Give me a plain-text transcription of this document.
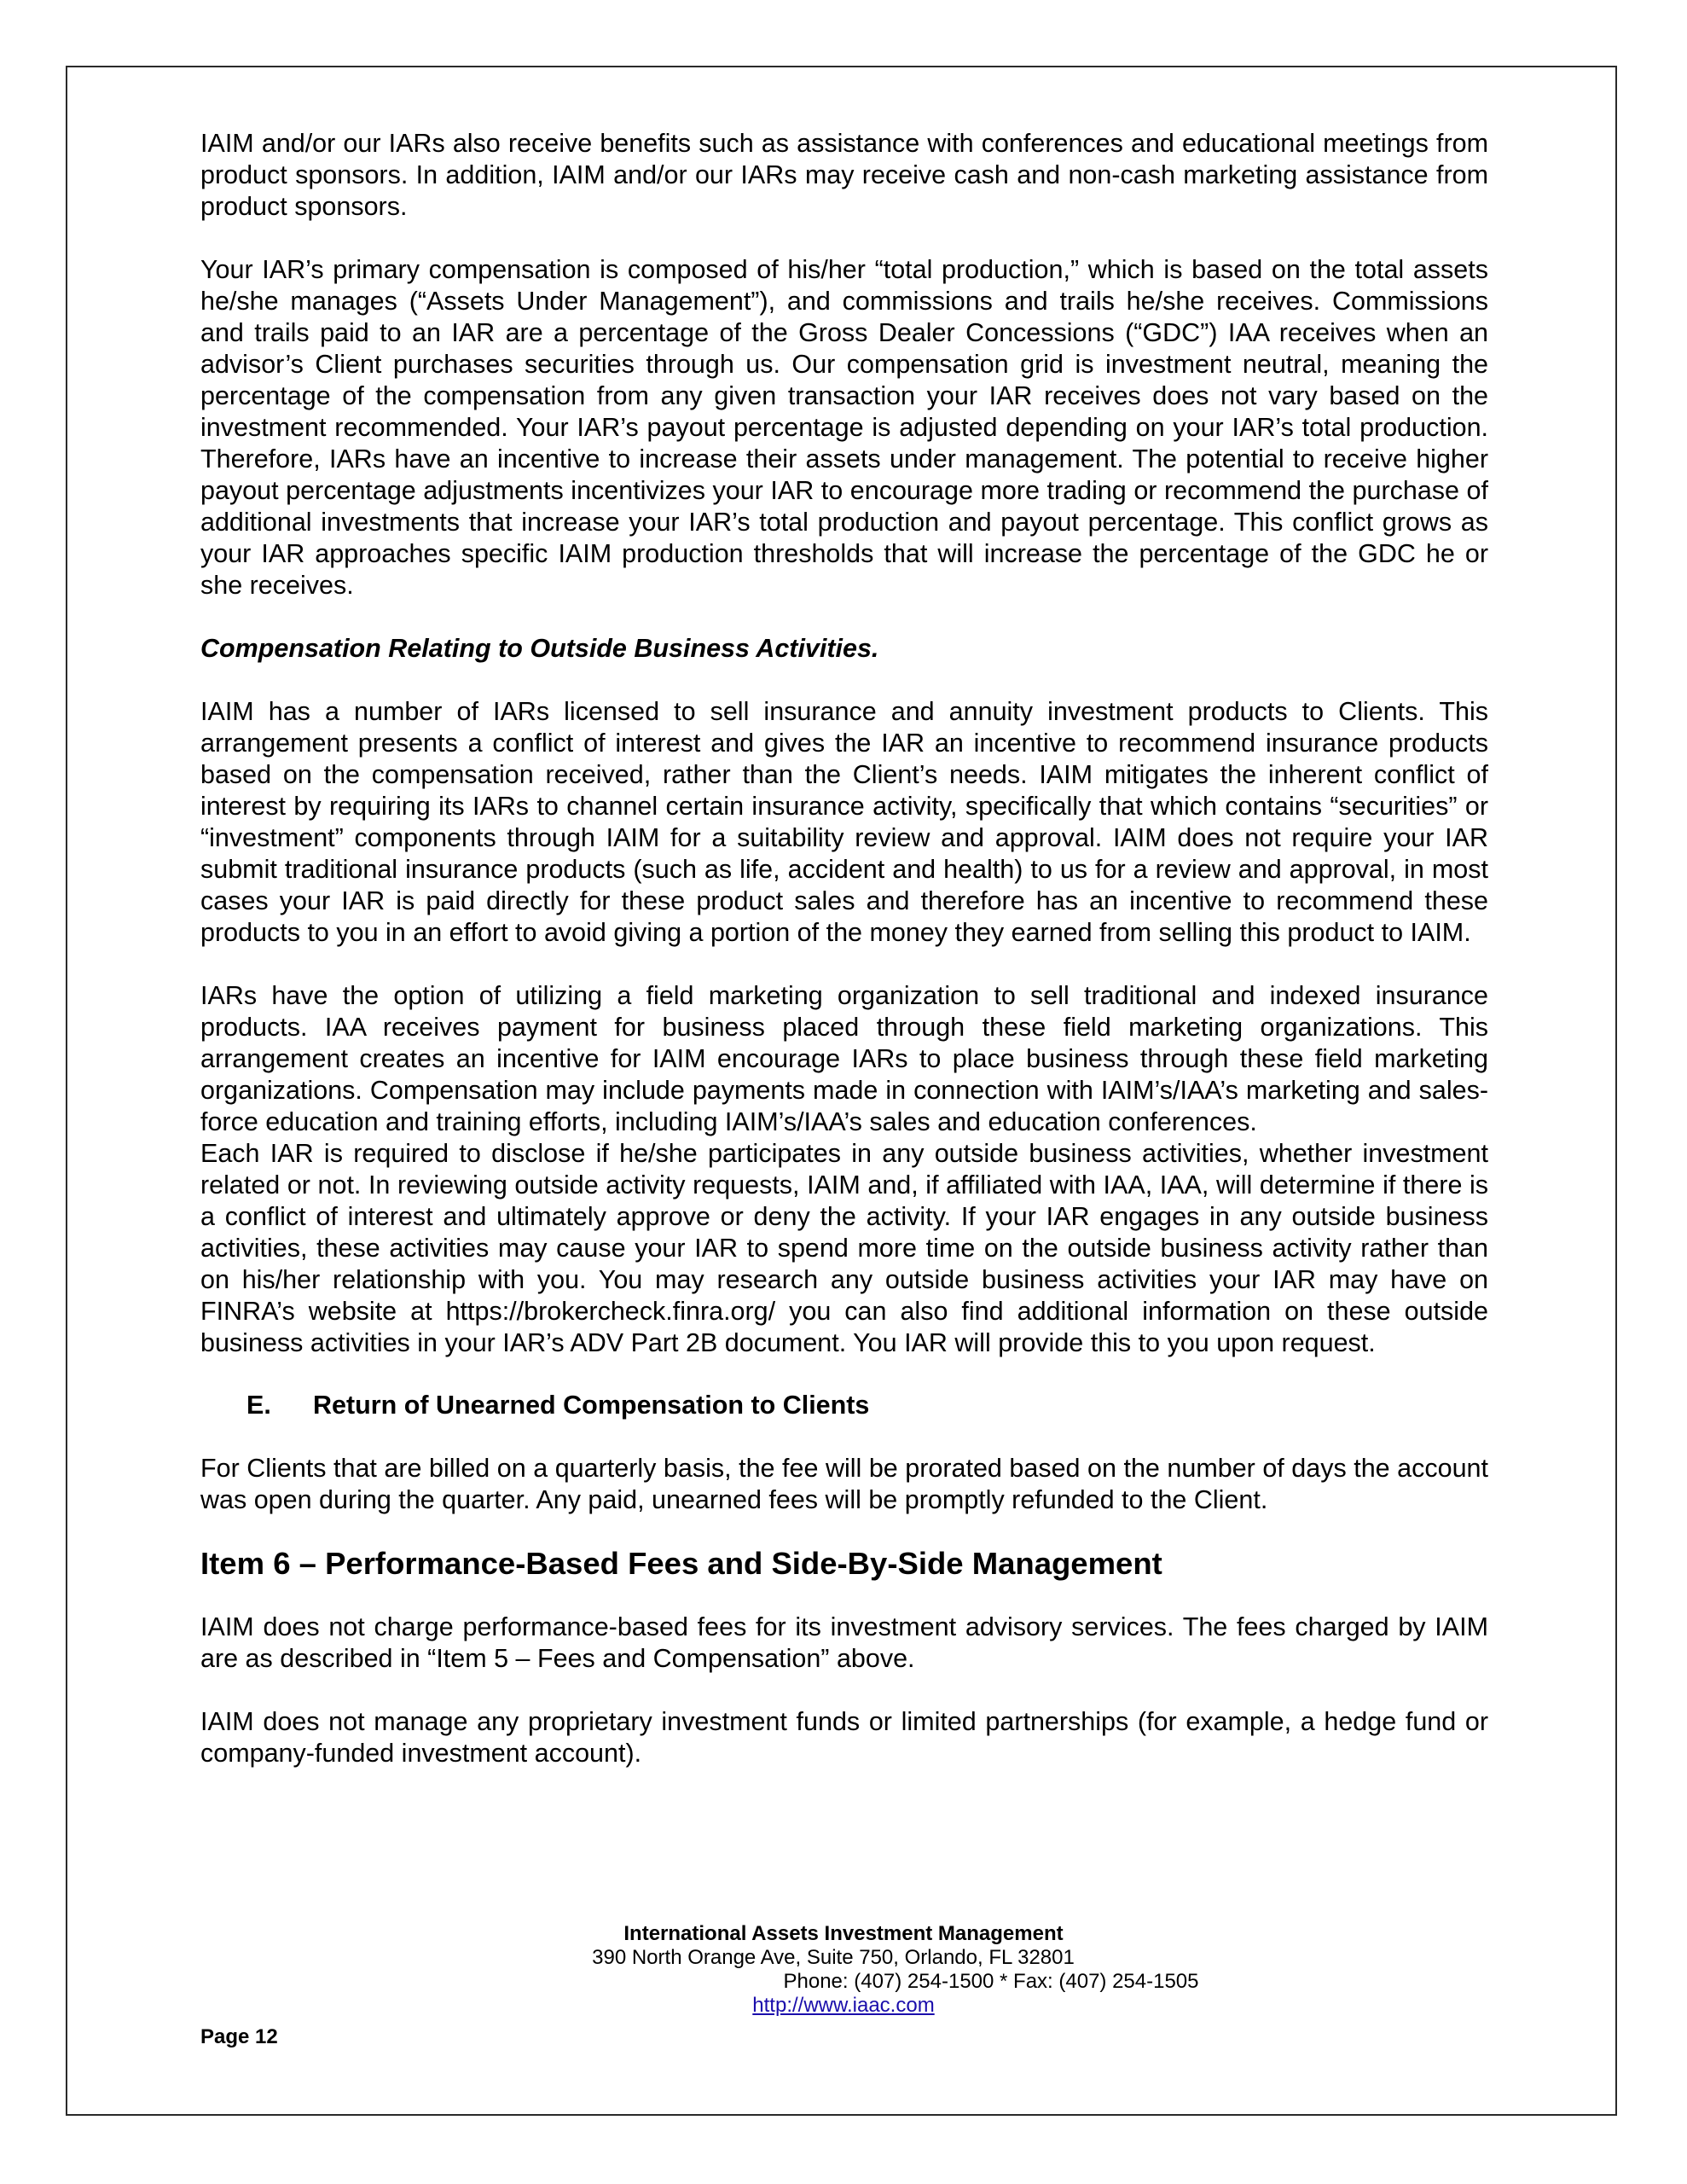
IAIM and/or our IARs also receive benefits such as assistance with conferences and educational meetings from product sponsors. In addition, IAIM and/or our IARs may receive cash and non-cash marketing assistance from product sponsors.

Your IAR’s primary compensation is composed of his/her “total production,” which is based on the total assets he/she manages (“Assets Under Management”), and commissions and trails he/she receives. Commissions and trails paid to an IAR are a percentage of the Gross Dealer Concessions (“GDC”) IAA receives when an advisor’s Client purchases securities through us. Our compensation grid is investment neutral, meaning the percentage of the compensation from any given transaction your IAR receives does not vary based on the investment recommended. Your IAR’s payout percentage is adjusted depending on your IAR’s total production. Therefore, IARs have an incentive to increase their assets under management. The potential to receive higher payout percentage adjustments incentivizes your IAR to encourage more trading or recommend the purchase of additional investments that increase your IAR’s total production and payout percentage. This conflict grows as your IAR approaches specific IAIM production thresholds that will increase the percentage of the GDC he or she receives.

Compensation Relating to Outside Business Activities.

IAIM has a number of IARs licensed to sell insurance and annuity investment products to Clients. This arrangement presents a conflict of interest and gives the IAR an incentive to recommend insurance products based on the compensation received, rather than the Client’s needs. IAIM mitigates the inherent conflict of interest by requiring its IARs to channel certain insurance activity, specifically that which contains “securities” or “investment” components through IAIM for a suitability review and approval. IAIM does not require your IAR submit traditional insurance products (such as life, accident and health) to us for a review and approval, in most cases your IAR is paid directly for these product sales and therefore has an incentive to recommend these products to you in an effort to avoid giving a portion of the money they earned from selling this product to IAIM.

IARs have the option of utilizing a field marketing organization to sell traditional and indexed insurance products. IAA receives payment for business placed through these field marketing organizations. This arrangement creates an incentive for IAIM encourage IARs to place business through these field marketing organizations. Compensation may include payments made in connection with IAIM’s/IAA’s marketing and sales-force education and training efforts, including IAIM’s/IAA’s sales and education conferences.

Each IAR is required to disclose if he/she participates in any outside business activities, whether investment related or not. In reviewing outside activity requests, IAIM and, if affiliated with IAA, IAA, will determine if there is a conflict of interest and ultimately approve or deny the activity. If your IAR engages in any outside business activities, these activities may cause your IAR to spend more time on the outside business activity rather than on his/her relationship with you. You may research any outside business activities your IAR may have on FINRA’s website at https://brokercheck.finra.org/ you can also find additional information on these outside business activities in your IAR’s ADV Part 2B document. You IAR will provide this to you upon request.

E. Return of Unearned Compensation to Clients

For Clients that are billed on a quarterly basis, the fee will be prorated based on the number of days the account was open during the quarter. Any paid, unearned fees will be promptly refunded to the Client.

Item 6 – Performance-Based Fees and Side-By-Side Management

IAIM does not charge performance-based fees for its investment advisory services. The fees charged by IAIM are as described in “Item 5 – Fees and Compensation” above.

IAIM does not manage any proprietary investment funds or limited partnerships (for example, a hedge fund or company-funded investment account).

International Assets Investment Management
390 North Orange Ave, Suite 750, Orlando, FL 32801
Phone: (407) 254-1500 * Fax: (407) 254-1505
http://www.iaac.com
Page 12
